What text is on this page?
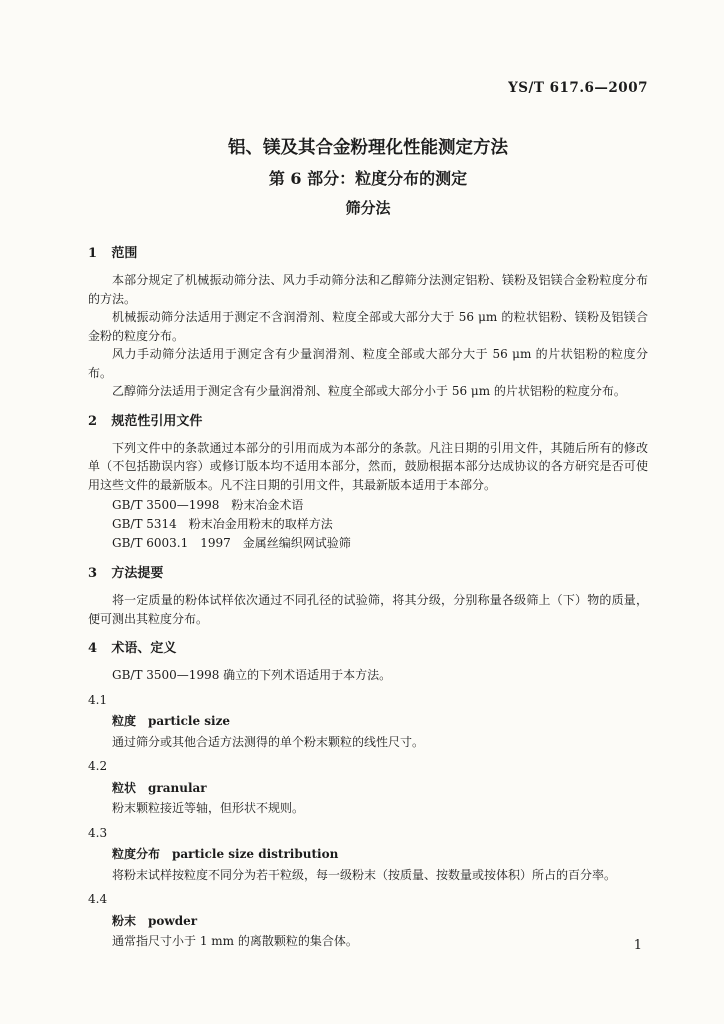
YS/T 617.6—2007
铝、镁及其合金粉理化性能测定方法
第 6 部分：粒度分布的测定
筛分法
1 范围

本部分规定了机械振动筛分法、风力手动筛分法和乙醇筛分法测定铝粉、镁粉及铝镁合金粉粒度分布的方法。

机械振动筛分法适用于测定不含润滑剂、粒度全部或大部分大于 56 μm 的粒状铝粉、镁粉及铝镁合金粉的粒度分布。

风力手动筛分法适用于测定含有少量润滑剂、粒度全部或大部分大于 56 μm 的片状铝粉的粒度分布。

乙醇筛分法适用于测定含有少量润滑剂、粒度全部或大部分小于 56 μm 的片状铝粉的粒度分布。

2 规范性引用文件

下列文件中的条款通过本部分的引用而成为本部分的条款。凡注日期的引用文件，其随后所有的修改单（不包括勘误内容）或修订版本均不适用本部分，然而，鼓励根据本部分达成协议的各方研究是否可使用这些文件的最新版本。凡不注日期的引用文件，其最新版本适用于本部分。

GB/T 3500—1998　粉末冶金术语
GB/T 5314　粉末冶金用粉末的取样方法
GB/T 6003.1　1997　金属丝编织网试验筛
3 方法提要

将一定质量的粉体试样依次通过不同孔径的试验筛，将其分级，分别称量各级筛上（下）物的质量，便可测出其粒度分布。

4 术语、定义

GB/T 3500—1998 确立的下列术语适用于本方法。

4.1
粒度 particle size

通过筛分或其他合适方法测得的单个粉末颗粒的线性尺寸。

4.2
粒状 granular

粉末颗粒接近等轴，但形状不规则。

4.3
粒度分布 particle size distribution

将粉末试样按粒度不同分为若干粒级，每一级粉末（按质量、按数量或按体积）所占的百分率。

4.4
粉末 powder

通常指尺寸小于 1 mm 的离散颗粒的集合体。	1
